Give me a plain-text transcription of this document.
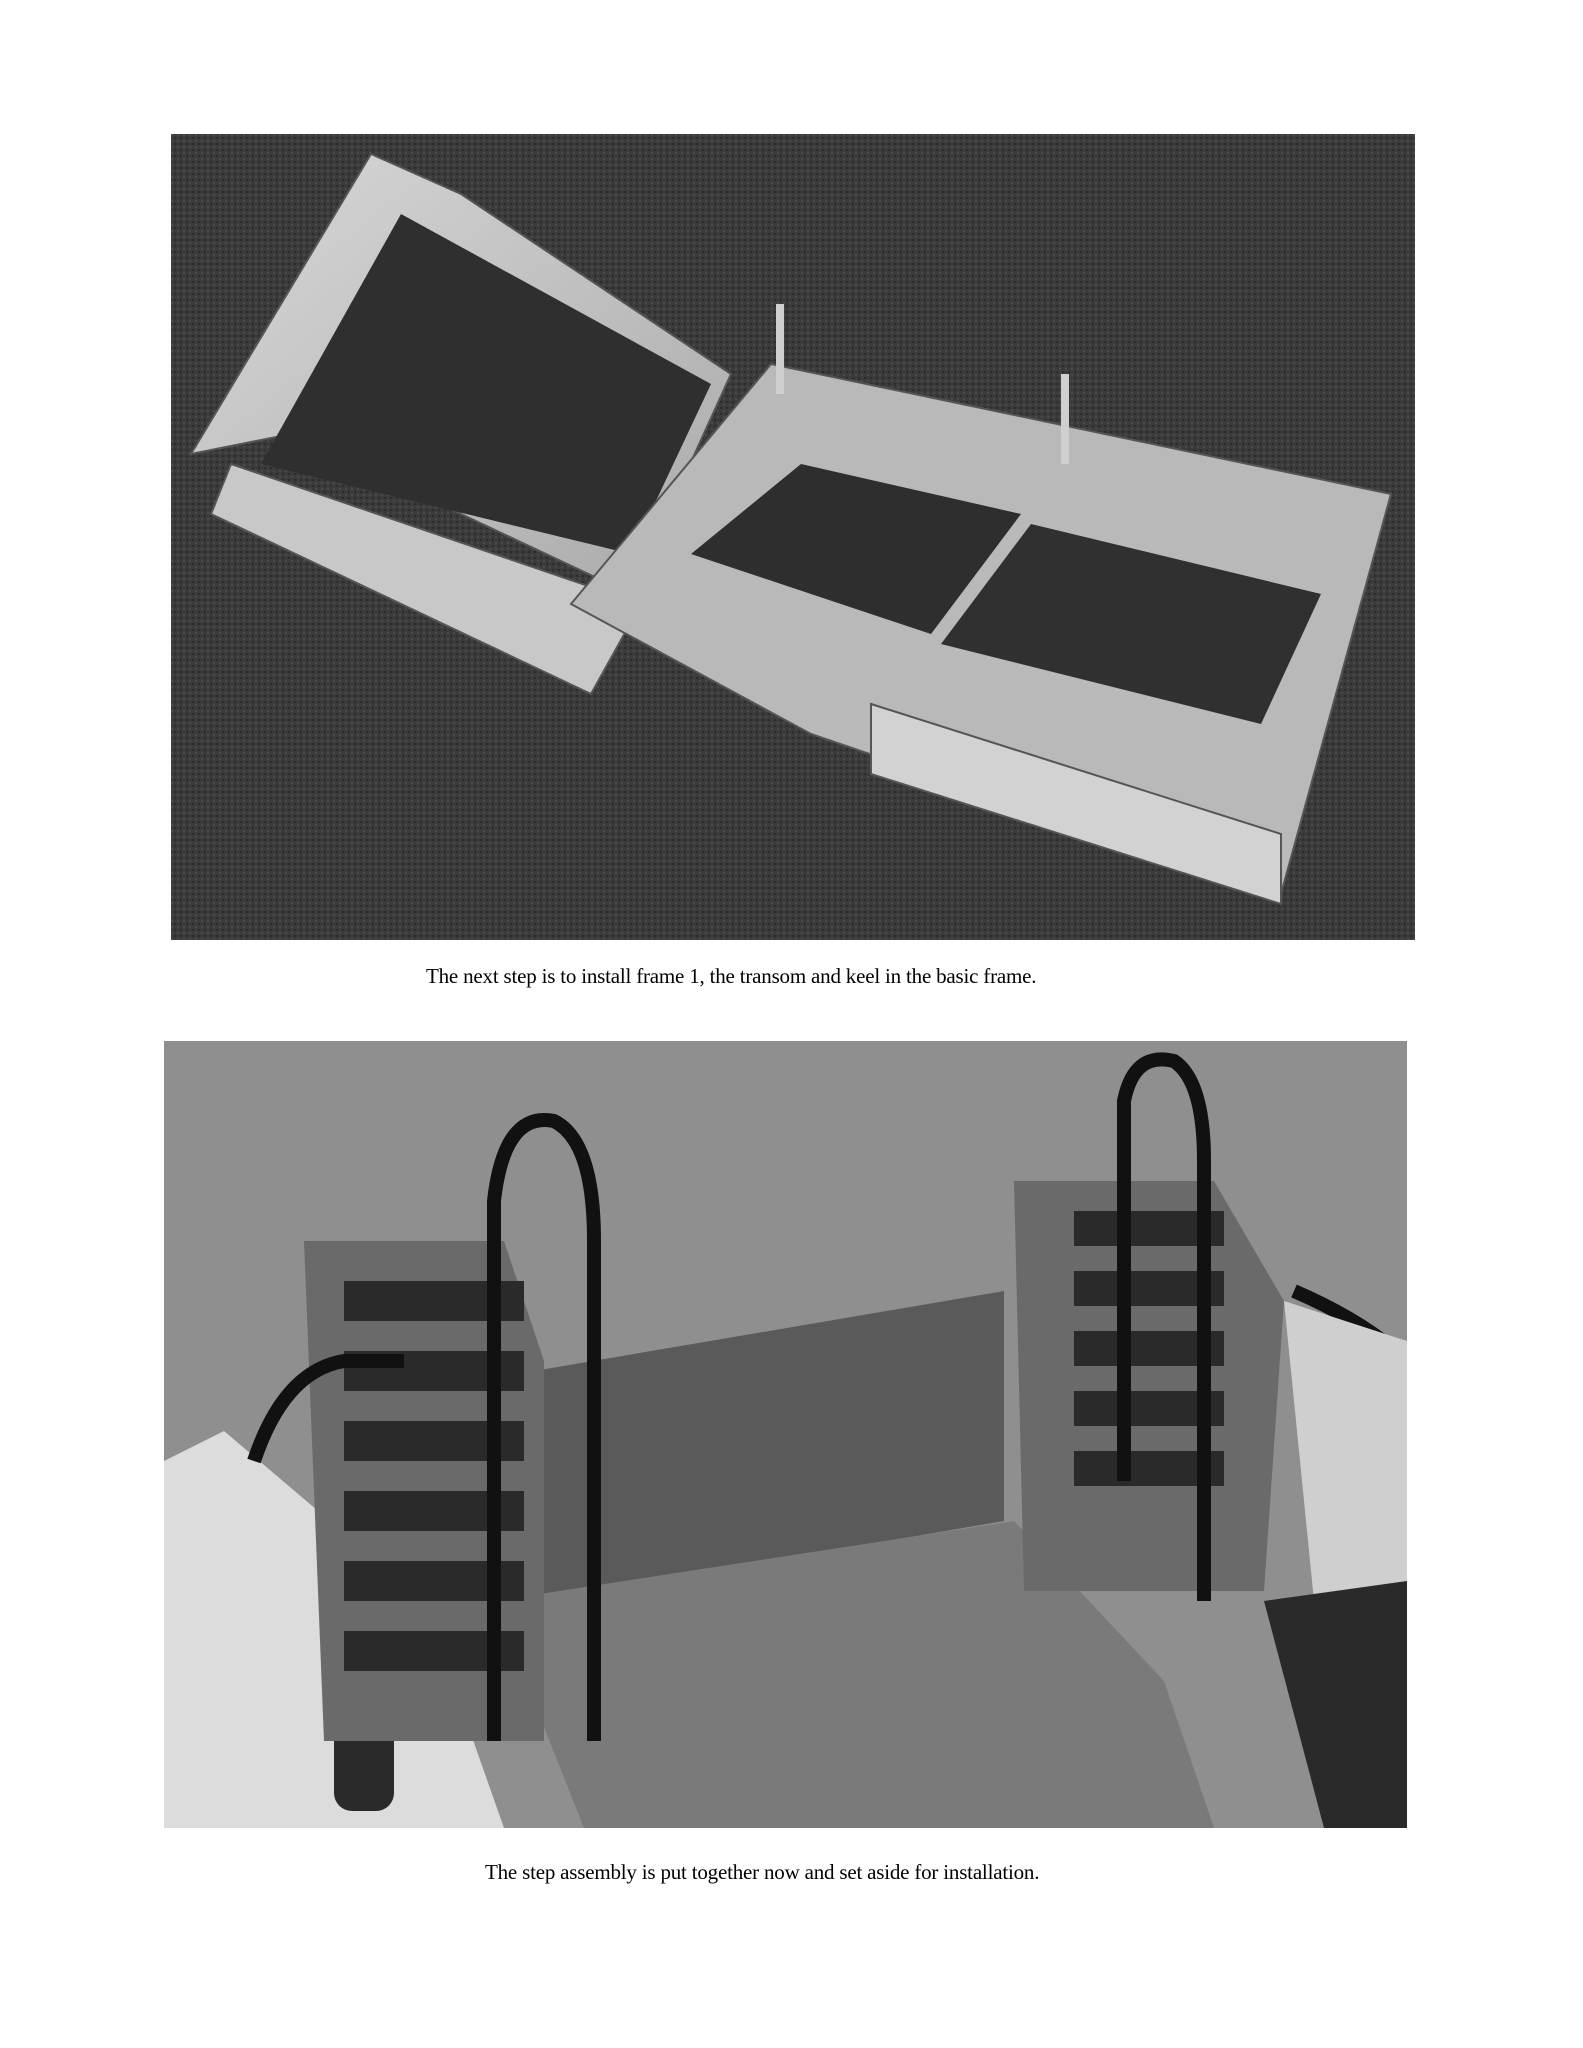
The next step is to install frame 1, the transom and keel in the basic frame.
The step assembly is put together now and set aside for installation.
